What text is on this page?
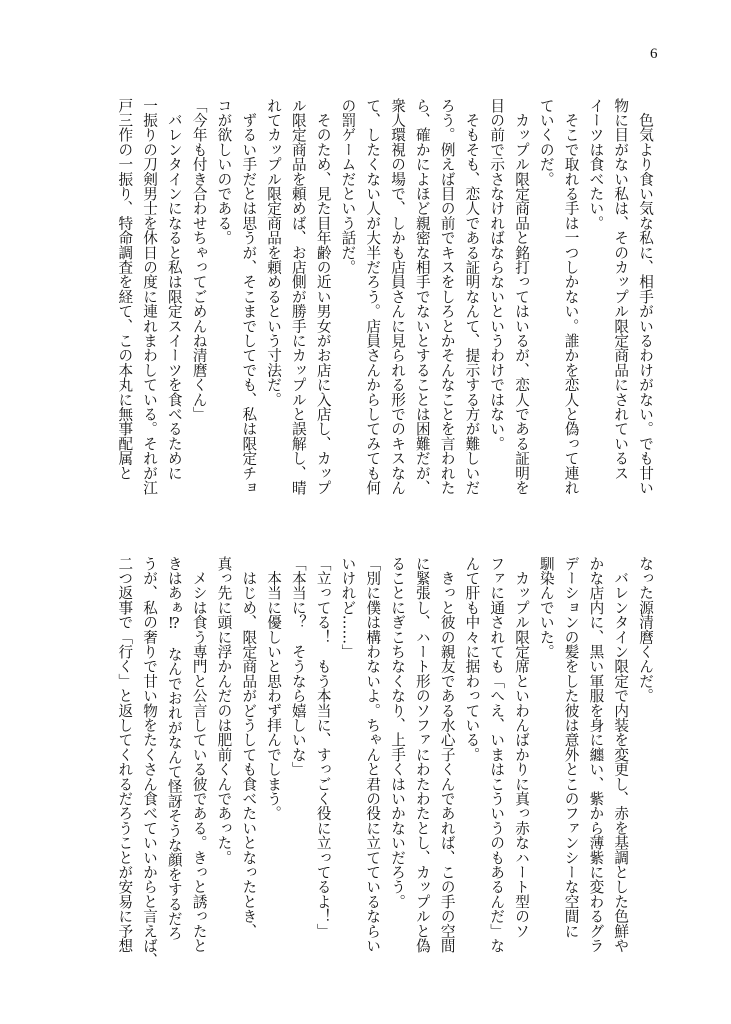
6
　色気より食い気な私に、相手がいるわけがない。でも甘い
物に目がない私は、そのカップル限定商品にされているス
イーツは食べたい。
　そこで取れる手は一つしかない。誰かを恋人と偽って連れ
ていくのだ。
　カップル限定商品と銘打ってはいるが、恋人である証明を
目の前で示さなければならないというわけではない。
　そもそも、恋人である証明なんて、提示する方が難しいだ
ろう。例えば目の前でキスをしろとかそんなことを言われた
ら、確かによほど親密な相手でないとすることは困難だが、
衆人環視の場で、しかも店員さんに見られる形でのキスなん
て、したくない人が大半だろう。店員さんからしてみても何
の罰ゲームだという話だ。
　そのため、見た目年齢の近い男女がお店に入店し、カップ
ル限定商品を頼めば、お店側が勝手にカップルと誤解し、晴
れてカップル限定商品を頼めるという寸法だ。
　ずるい手だとは思うが、そこまでしてでも、私は限定チョ
コが欲しいのである。
「今年も付き合わせちゃってごめんね清麿くん」
　バレンタインになると私は限定スイーツを食べるために
一振りの刀剣男士を休日の度に連れまわしている。それが江
戸三作の一振り、特命調査を経て、この本丸に無事配属と
なった源清麿くんだ。
　バレンタイン限定で内装を変更し、赤を基調とした色鮮や
かな店内に、黒い軍服を身に纏い、紫から薄紫に変わるグラ
デーションの髪をした彼は意外とこのファンシーな空間に
馴染んでいた。
　カップル限定席といわんばかりに真っ赤なハート型のソ
ファに通されても「へえ、いまはこういうのもあるんだ」な
んて肝も中々に据わっている。
　きっと彼の親友である水心子くんであれば、この手の空間
に緊張し、ハート形のソファにわたわたとし、カップルと偽
ることにぎこちなくなり、上手くはいかないだろう。
「別に僕は構わないよ。ちゃんと君の役に立てているならい
いけれど……」
「立ってる！　もう本当に、すっごく役に立ってるよ！」
「本当に？　そうなら嬉しいな」
　本当に優しいと思わず拝んでしまう。
　はじめ、限定商品がどうしても食べたいとなったとき、
真っ先に頭に浮かんだのは肥前くんであった。
　メシは食う専門と公言している彼である。きっと誘ったと
きはあぁ⁉　なんでおれがなんて怪訝そうな顔をするだろ
うが、私の奢りで甘い物をたくさん食べていいからと言えば、
二つ返事で「行く」と返してくれるだろうことが安易に予想
